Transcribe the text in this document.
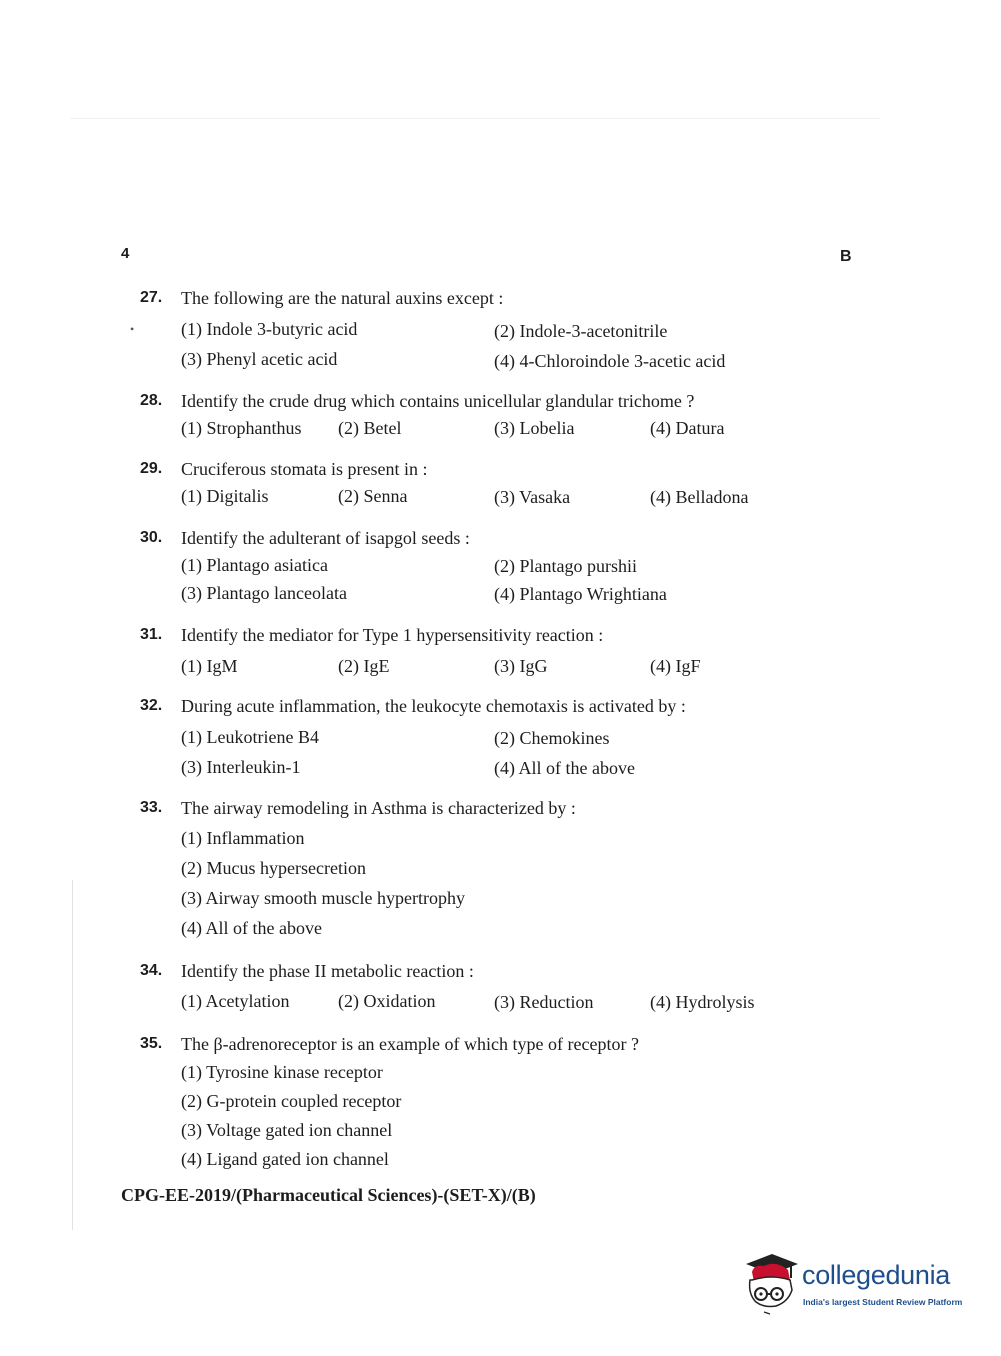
4	B
•
27. The following are the natural auxins except :
(1) Indole 3-butyric acid	(2) Indole-3-acetonitrile
(3) Phenyl acetic acid	(4) 4-Chloroindole 3-acetic acid
28. Identify the crude drug which contains unicellular glandular trichome ?
(1) Strophanthus (2) Betel	(3) Lobelia	(4) Datura
29. Cruciferous stomata is present in :
(1) Digitalis	(2) Senna	(3) Vasaka	(4) Belladona
30. Identify the adulterant of isapgol seeds :
(1) Plantago asiatica	(2) Plantago purshii
(3) Plantago lanceolata	(4) Plantago Wrightiana
31. Identify the mediator for Type 1 hypersensitivity reaction :
(1) IgM	(2) IgE	(3) IgG	(4) IgF
32. During acute inflammation, the leukocyte chemotaxis is activated by :
(1) Leukotriene B4	(2) Chemokines
(3) Interleukin-1	(4) All of the above
33. The airway remodeling in Asthma is characterized by :
(1) Inflammation
(2) Mucus hypersecretion
(3) Airway smooth muscle hypertrophy
(4) All of the above
34. Identify the phase II metabolic reaction :
(1) Acetylation	(2) Oxidation	(3) Reduction	(4) Hydrolysis
35. The β-adrenoreceptor is an example of which type of receptor ?
(1) Tyrosine kinase receptor
(2) G-protein coupled receptor
(3) Voltage gated ion channel
(4) Ligand gated ion channel
CPG-EE-2019/(Pharmaceutical Sciences)-(SET-X)/(B)
collegedunia
India's largest Student Review Platform
